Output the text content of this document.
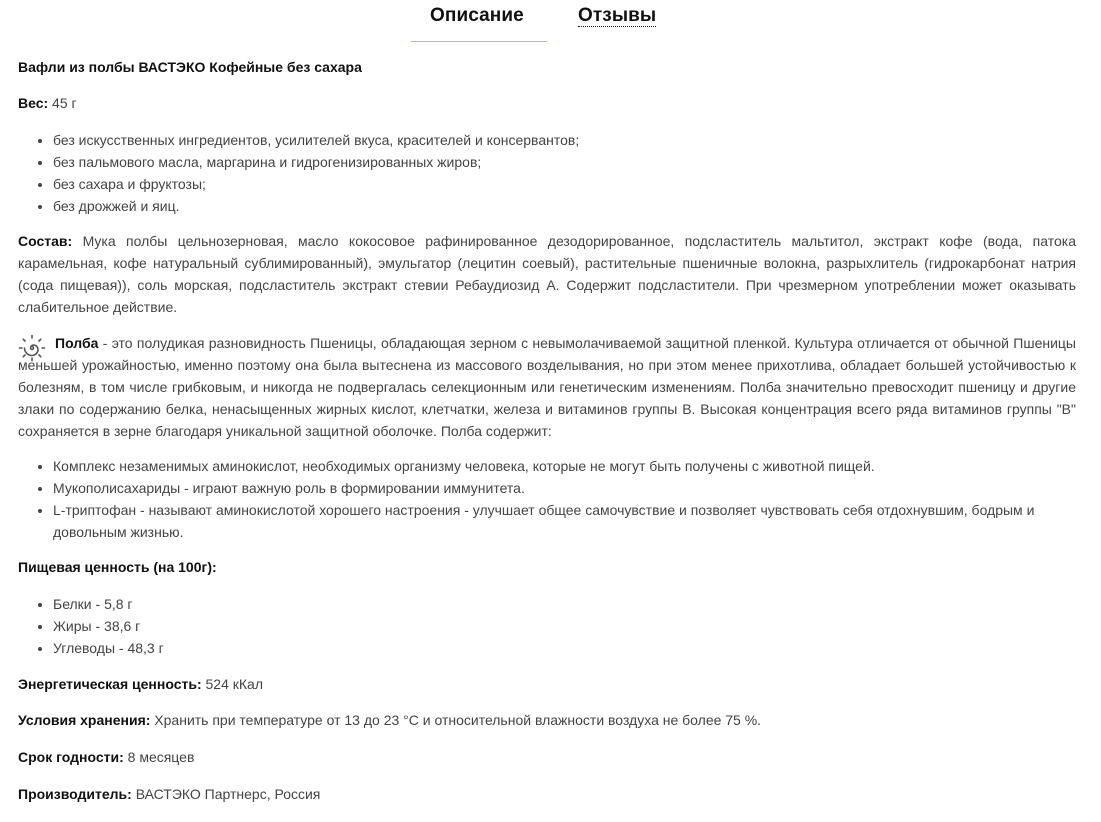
Описание	Отзывы

Вафли из полбы ВАСТЭКО Кофейные без сахара

Вес: 45 г

• без искусственных ингредиентов, усилителей вкуса, красителей и консервантов;
• без пальмового масла, маргарина и гидрогенизированных жиров;
• без сахара и фруктозы;
• без дрожжей и яиц.

Состав: Мука полбы цельнозерновая, масло кокосовое рафинированное дезодорированное, подсластитель мальтитол, экстракт кофе (вода, патока карамельная, кофе натуральный сублимированный), эмульгатор (лецитин соевый), растительные пшеничные волокна, разрыхлитель (гидрокарбонат натрия (сода пищевая)), соль морская, подсластитель экстракт стевии Ребаудиозид А. Содержит подсластители. При чрезмерном употреблении может оказывать слабительное действие.

Полба - это полудикая разновидность Пшеницы, обладающая зерном с невымолачиваемой защитной пленкой. Культура отличается от обычной Пшеницы меньшей урожайностью, именно поэтому она была вытеснена из массового возделывания, но при этом менее прихотлива, обладает большей устойчивостью к болезням, в том числе грибковым, и никогда не подвергалась селекционным или генетическим изменениям. Полба значительно превосходит пшеницу и другие злаки по содержанию белка, ненасыщенных жирных кислот, клетчатки, железа и витаминов группы В. Высокая концентрация всего ряда витаминов группы "В" сохраняется в зерне благодаря уникальной защитной оболочке. Полба содержит:

• Комплекс незаменимых аминокислот, необходимых организму человека, которые не могут быть получены с животной пищей.
• Мукополисахариды - играют важную роль в формировании иммунитета.
• L-триптофан - называют аминокислотой хорошего настроения - улучшает общее самочувствие и позволяет чувствовать себя отдохнувшим, бодрым и довольным жизнью.

Пищевая ценность (на 100г):

• Белки - 5,8 г
• Жиры - 38,6 г
• Углеводы - 48,3 г

Энергетическая ценность: 524 кКал

Условия хранения: Хранить при температуре от 13 до 23 °С и относительной влажности воздуха не более 75 %.

Срок годности: 8 месяцев

Производитель: ВАСТЭКО Партнерс, Россия
